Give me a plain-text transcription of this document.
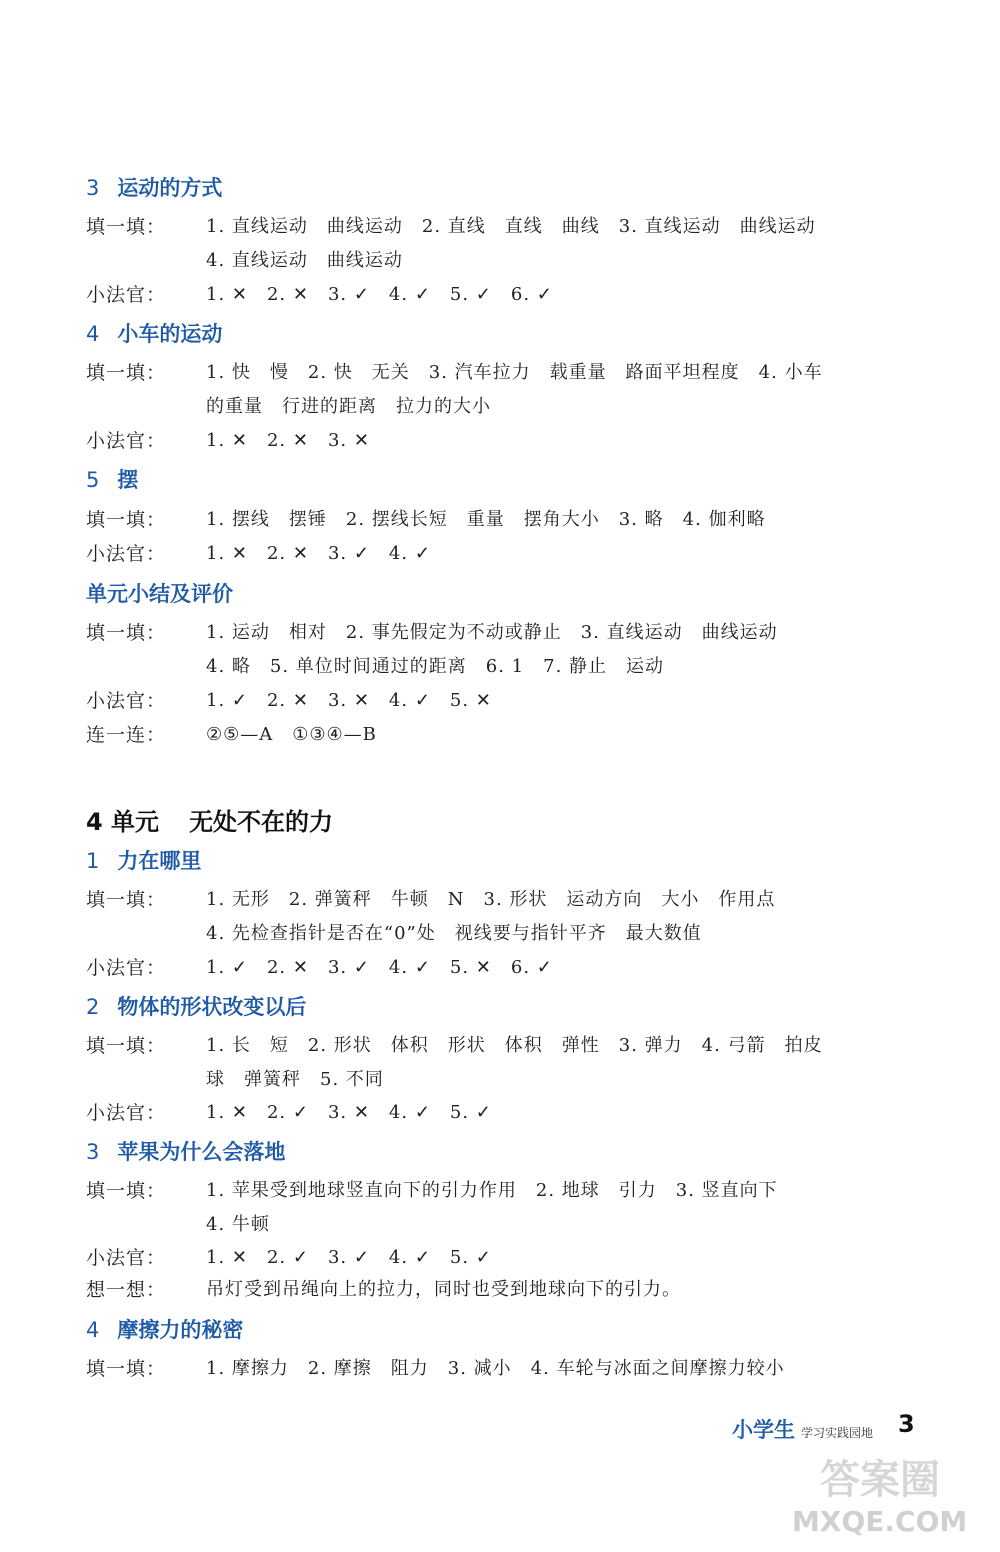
3 运动的方式
填一填： 1. 直线运动　曲线运动　2. 直线　直线　曲线　3. 直线运动　曲线运动
4. 直线运动　曲线运动
小法官： 1. ✕　2. ✕　3. ✓　4. ✓　5. ✓　6. ✓
4 小车的运动
填一填： 1. 快　慢　2. 快　无关　3. 汽车拉力　载重量　路面平坦程度　4. 小车
的重量　行进的距离　拉力的大小
小法官： 1. ✕　2. ✕　3. ✕
5 摆
填一填： 1. 摆线　摆锤　2. 摆线长短　重量　摆角大小　3. 略　4. 伽利略
小法官： 1. ✕　2. ✕　3. ✓　4. ✓
单元小结及评价
填一填： 1. 运动　相对　2. 事先假定为不动或静止　3. 直线运动　曲线运动
4. 略　5. 单位时间通过的距离　6. 1　7. 静止　运动
小法官： 1. ✓　2. ✕　3. ✕　4. ✓　5. ✕
连一连： ②⑤—A　①③④—B
4 单元 无处不在的力
1 力在哪里
填一填： 1. 无形　2. 弹簧秤　牛顿　N　3. 形状　运动方向　大小　作用点
4. 先检查指针是否在“0”处　视线要与指针平齐　最大数值
小法官： 1. ✓　2. ✕　3. ✓　4. ✓　5. ✕　6. ✓
2 物体的形状改变以后
填一填： 1. 长　短　2. 形状　体积　形状　体积　弹性　3. 弹力　4. 弓箭　拍皮
球　弹簧秤　5. 不同
小法官： 1. ✕　2. ✓　3. ✕　4. ✓　5. ✓
3 苹果为什么会落地
填一填： 1. 苹果受到地球竖直向下的引力作用　2. 地球　引力　3. 竖直向下
4. 牛顿
小法官： 1. ✕　2. ✓　3. ✓　4. ✓　5. ✓
想一想： 吊灯受到吊绳向上的拉力，同时也受到地球向下的引力。
4 摩擦力的秘密
填一填： 1. 摩擦力　2. 摩擦　阻力　3. 减小　4. 车轮与冰面之间摩擦力较小
小学生 学习实践园地 3
答案圈
MXQE.COM
